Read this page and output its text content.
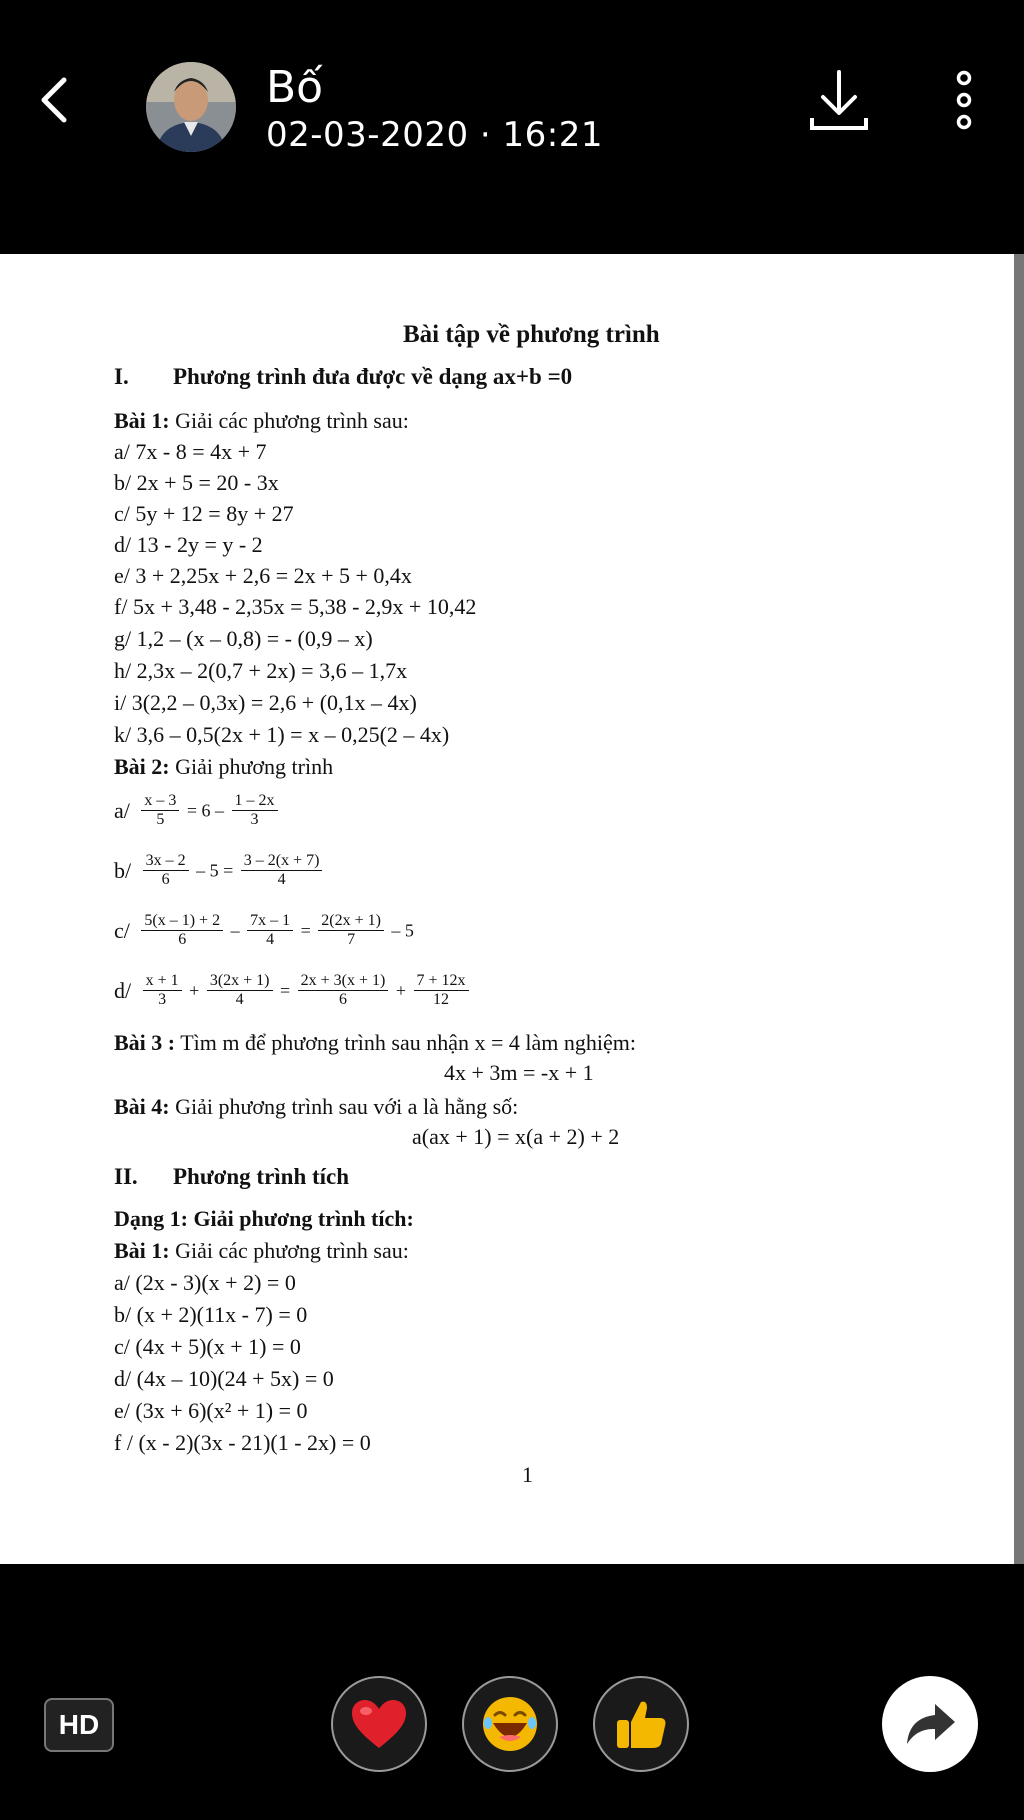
Bố
02-03-2020 · 16:21
Bài tập về phương trình
I. Phương trình đưa được về dạng ax+b =0
Bài 1: Giải các phương trình sau:
a/ 7x - 8 = 4x + 7
b/ 2x + 5 = 20 - 3x
c/ 5y + 12 = 8y + 27
d/ 13 - 2y = y - 2
e/ 3 + 2,25x + 2,6 = 2x + 5 + 0,4x
f/ 5x + 3,48 - 2,35x = 5,38 - 2,9x + 10,42
g/ 1,2 – (x – 0,8) = - (0,9 – x)
h/ 2,3x – 2(0,7 + 2x) = 3,6 – 1,7x
i/ 3(2,2 – 0,3x) = 2,6 + (0,1x – 4x)
k/ 3,6 – 0,5(2x + 1) = x – 0,25(2 – 4x)
Bài 2: Giải phương trình
$a/ \frac{x - 3}{5} = 6 - \frac{1 - 2x}{3}$
$b/ \frac{3x - 2}{6} - 5 = \frac{3 - 2(x + 7)}{4}$
$c/ \frac{5(x - 1) + 2}{6} - \frac{7x - 1}{4} = \frac{2(2x + 1)}{7} - 5$
$d/ \frac{x + 1}{3} + \frac{3(2x + 1)}{4} = \frac{2x + 3(x + 1)}{6} + \frac{7 + 12x}{12}$
Bài 3 : Tìm m để phương trình sau nhận x = 4 làm nghiệm:
4x + 3m = -x + 1
Bài 4: Giải phương trình sau với a là hằng số:
a(ax + 1) = x(a + 2) + 2
II. Phương trình tích
Dạng 1: Giải phương trình tích:
Bài 1: Giải các phương trình sau:
a/ (2x - 3)(x + 2) = 0
b/ (x + 2)(11x - 7) = 0
c/ (4x + 5)(x + 1) = 0
d/ (4x – 10)(24 + 5x) = 0
e/ (3x + 6)(x² + 1) = 0
f / (x - 2)(3x - 21)(1 - 2x) = 0
1
HD
